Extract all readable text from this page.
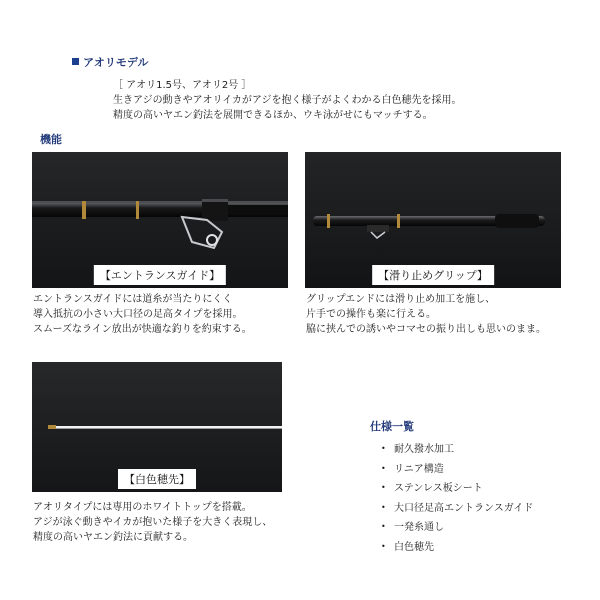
アオリモデル
［ アオリ1.5号、アオリ2号 ］
生きアジの動きやアオリイカがアジを抱く様子がよくわかる白色穂先を採用。
精度の高いヤエン釣法を展開できるほか、ウキ泳がせにもマッチする。
機能
【エントランスガイド】	【滑り止めグリップ】
エントランスガイドには道糸が当たりにくく
導入抵抗の小さい大口径の足高タイプを採用。
スムーズなライン放出が快適な釣りを約束する。
グリップエンドには滑り止め加工を施し、
片手での操作も楽に行える。
脇に挟んでの誘いやコマセの振り出しも思いのまま。
【白色穂先】
アオリタイプには専用のホワイトトップを搭載。
アジが泳ぐ動きやイカが抱いた様子を大きく表現し、
精度の高いヤエン釣法に貢献する。
仕様一覧
• 耐久撥水加工
• リニア構造
• ステンレス板シート
• 大口径足高エントランスガイド
• 一発糸通し
• 白色穂先
